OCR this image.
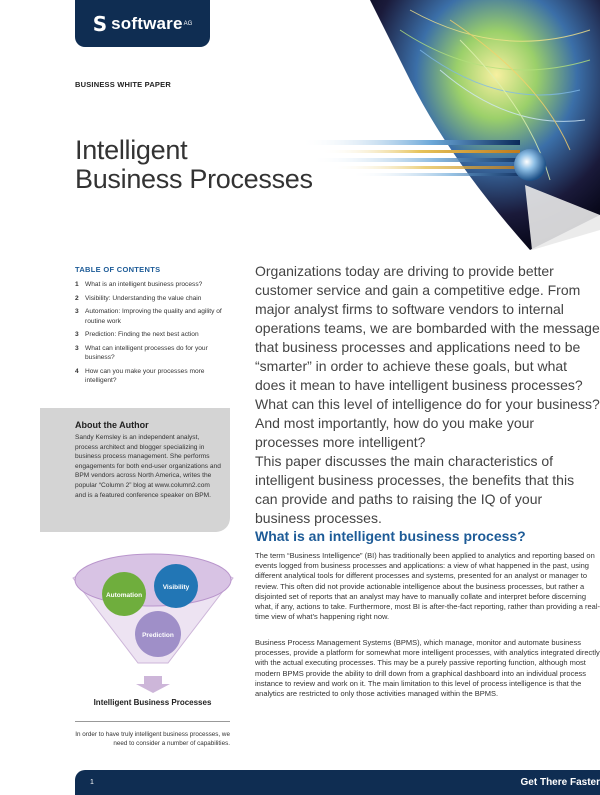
S software AG
BUSINESS WHITE PAPER
Intelligent
Business Processes
TABLE OF CONTENTS
1 What is an intelligent business process?
2 Visibility: Understanding the value chain
3 Automation: Improving the quality and agility of routine work
3 Prediction: Finding the next best action
3 What can intelligent processes do for your business?
4 How can you make your processes more intelligent?
About the Author
Sandy Kemsley is an independent analyst, process architect and blogger specializing in business process management. She performs engagements for both end-user organizations and BPM vendors across North America, writes the popular “Column 2” blog at www.column2.com and is a featured conference speaker on BPM.
Automation
Visibility
Prediction
Intelligent Business Processes
In order to have truly intelligent business processes, we need to consider a number of capabilities.

Organizations today are driving to provide better customer service and gain a competitive edge. From major analyst firms to software vendors to internal operations teams, we are bombarded with the message that business processes and applications need to be “smarter” in order to achieve these goals, but what does it mean to have intelligent business processes? What can this level of intelligence do for your business? And most importantly, how do you make your processes more intelligent?

This paper discusses the main characteristics of intelligent business processes, the benefits that this can provide and paths to raising the IQ of your business processes.

What is an intelligent business process?

The term “Business Intelligence” (BI) has traditionally been applied to analytics and reporting based on events logged from business processes and applications: a view of what happened in the past, using different analytical tools for different processes and systems, presented for an analyst or manager to review. This often did not provide actionable intelligence about the business processes, but rather a disjointed set of reports that an analyst may have to manually collate and interpret before discerning what, if any, actions to take. Furthermore, most BI is after-the-fact reporting, rather than providing a real-time view of what’s happening right now.

Business Process Management Systems (BPMS), which manage, monitor and automate business processes, provide a platform for somewhat more intelligent processes, with analytics integrated directly with the actual executing processes. This may be a purely passive reporting function, although most modern BPMS provide the ability to drill down from a graphical dashboard into an individual process instance to review and work on it. The main limitation to this level of process intelligence is that the analytics are restricted to only those activities managed within the BPMS.

1	Get There Faster
